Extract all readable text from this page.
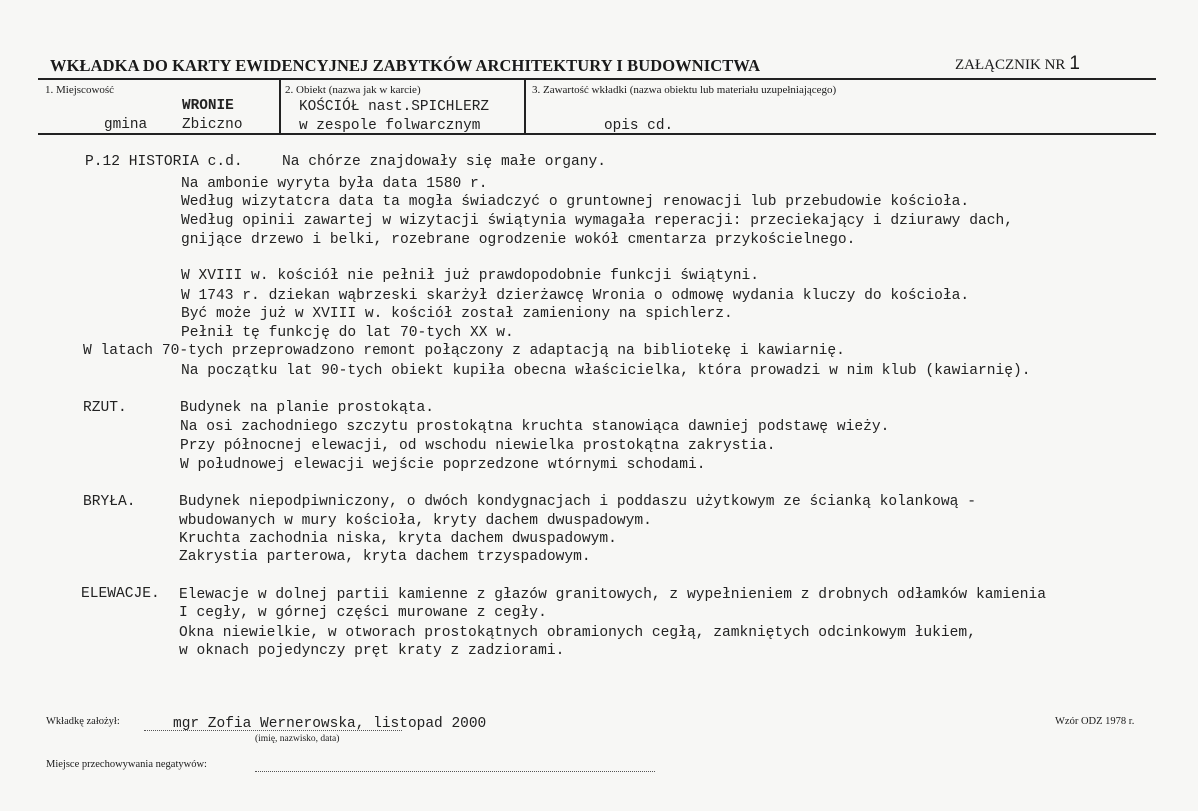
WKŁADKA DO KARTY EWIDENCYJNEJ ZABYTKÓW ARCHITEKTURY I BUDOWNICTWA	ZAŁĄCZNIK NR 1
1. Miejscowość
WRONIE
gmina Zbiczno
2. Obiekt (nazwa jak w karcie)
KOŚCIÓŁ nast.SPICHLERZ
w zespole folwarcznym
3. Zawartość wkładki (nazwa obiektu lub materiału uzupełniającego)
opis cd.
P.12 HISTORIA c.d.	Na chórze znajdowały się małe organy.
Na ambonie wyryta była data 1580 r.
Według wizytatcra data ta mogła świadczyć o gruntownej renowacji lub przebudowie kościoła.
Według opinii zawartej w wizytacji świątynia wymagała reperacji: przeciekający i dziurawy dach,
gnijące drzewo i belki, rozebrane ogrodzenie wokół cmentarza przykościelnego.
W XVIII w. kościół nie pełnił już prawdopodobnie funkcji świątyni.
W 1743 r. dziekan wąbrzeski skarżył dzierżawcę Wronia o odmowę wydania kluczy do kościoła.
Być może już w XVIII w. kościół został zamieniony na spichlerz.
Pełnił tę funkcję do lat 70-tych XX w.
W latach 70-tych przeprowadzono remont połączony z adaptacją na bibliotekę i kawiarnię.
Na początku lat 90-tych obiekt kupiła obecna właścicielka, która prowadzi w nim klub (kawiarnię).
RZUT.	Budynek na planie prostokąta.
Na osi zachodniego szczytu prostokątna kruchta stanowiąca dawniej podstawę wieży.
Przy północnej elewacji, od wschodu niewielka prostokątna zakrystia.
W połudnowej elewacji wejście poprzedzone wtórnymi schodami.
BRYŁA.	Budynek niepodpiwniczony, o dwóch kondygnacjach i poddaszu użytkowym ze ścianką kolankową -
wbudowanych w mury kościoła, kryty dachem dwuspadowym.
Kruchta zachodnia niska, kryta dachem dwuspadowym.
Zakrystia parterowa, kryta dachem trzyspadowym.
ELEWACJE. Elewacje w dolnej partii kamienne z głazów granitowych, z wypełnieniem z drobnych odłamków kamienia
I cegły, w górnej części murowane z cegły.
Okna niewielkie, w otworach prostokątnych obramionych cegłą, zamkniętych odcinkowym łukiem,
w oknach pojedynczy pręt kraty z zadziorami.
Wkładkę założył:	mgr Zofia Wernerowska, listopad 2000
(imię, nazwisko, data)
Wzór ODZ 1978 r.
Miejsce przechowywania negatywów:
